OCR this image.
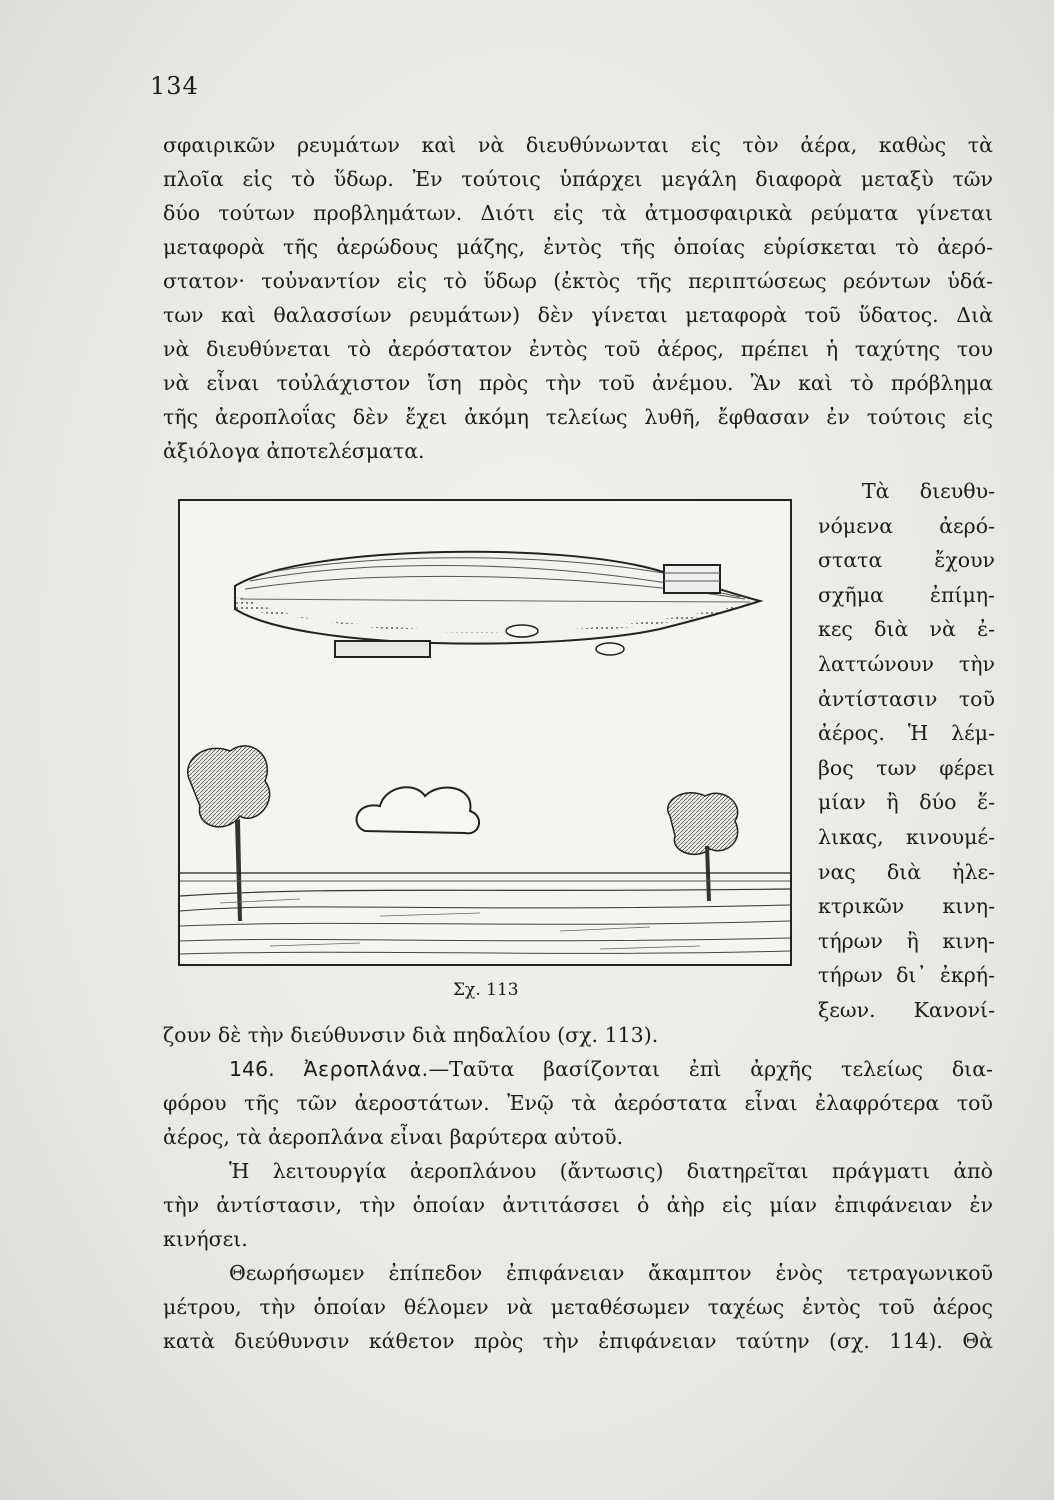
134
σφαιρικῶν ρευμάτων καὶ νὰ διευθύνωνται εἰς τὸν ἀέρα, καθὼς τὰ
πλοῖα εἰς τὸ ὕδωρ. Ἐν τούτοις ὑπάρχει μεγάλη διαφορὰ μεταξὺ τῶν
δύο τούτων προβλημάτων. Διότι εἰς τὰ ἀτμοσφαιρικὰ ρεύματα γίνεται
μεταφορὰ τῆς ἀερώδους μάζης, ἐντὸς τῆς ὁποίας εὑρίσκεται τὸ ἀερό-
στατον· τοὐναντίον εἰς τὸ ὕδωρ (ἐκτὸς τῆς περιπτώσεως ρεόντων ὑδά-
των καὶ θαλασσίων ρευμάτων) δὲν γίνεται μεταφορὰ τοῦ ὕδατος. Διὰ
νὰ διευθύνεται τὸ ἀερόστατον ἐντὸς τοῦ ἀέρος, πρέπει ἡ ταχύτης του
νὰ εἶναι τοὐλάχιστον ἴση πρὸς τὴν τοῦ ἀνέμου. Ἂν καὶ τὸ πρόβλημα
τῆς ἀεροπλοΐας δὲν ἔχει ἀκόμη τελείως λυθῆ, ἔφθασαν ἐν τούτοις εἰς
ἀξιόλογα ἀποτελέσματα.
Σχ. 113
Τὰ διευθυ-
νόμενα ἀερό-
στατα ἔχουν
σχῆμα ἐπίμη-
κες διὰ νὰ ἐ-
λαττώνουν τὴν
ἀντίστασιν τοῦ
ἀέρος. Ἡ λέμ-
βος των φέρει
μίαν ἢ δύο ἕ-
λικας, κινουμέ-
νας διὰ ἠλε-
κτρικῶν κινη-
τήρων ἢ κινη-
τήρων δι᾿ ἐκρή-
ξεων. Κανονί-
ζουν δὲ τὴν διεύθυνσιν διὰ πηδαλίου (σχ. 113).
146. Ἀεροπλάνα.—Ταῦτα βασίζονται ἐπὶ ἀρχῆς τελείως δια-
φόρου τῆς τῶν ἀεροστάτων. Ἐνῷ τὰ ἀερόστατα εἶναι ἐλαφρότερα τοῦ
ἀέρος, τὰ ἀεροπλάνα εἶναι βαρύτερα αὐτοῦ.
Ἡ λειτουργία ἀεροπλάνου (ἄντωσις) διατηρεῖται πράγματι ἀπὸ
τὴν ἀντίστασιν, τὴν ὁποίαν ἀντιτάσσει ὁ ἀὴρ εἰς μίαν ἐπιφάνειαν ἐν
κινήσει.
Θεωρήσωμεν ἐπίπεδον ἐπιφάνειαν ἄκαμπτον ἑνὸς τετραγωνικοῦ
μέτρου, τὴν ὁποίαν θέλομεν νὰ μεταθέσωμεν ταχέως ἐντὸς τοῦ ἀέρος
κατὰ διεύθυνσιν κάθετον πρὸς τὴν ἐπιφάνειαν ταύτην (σχ. 114). Θὰ
